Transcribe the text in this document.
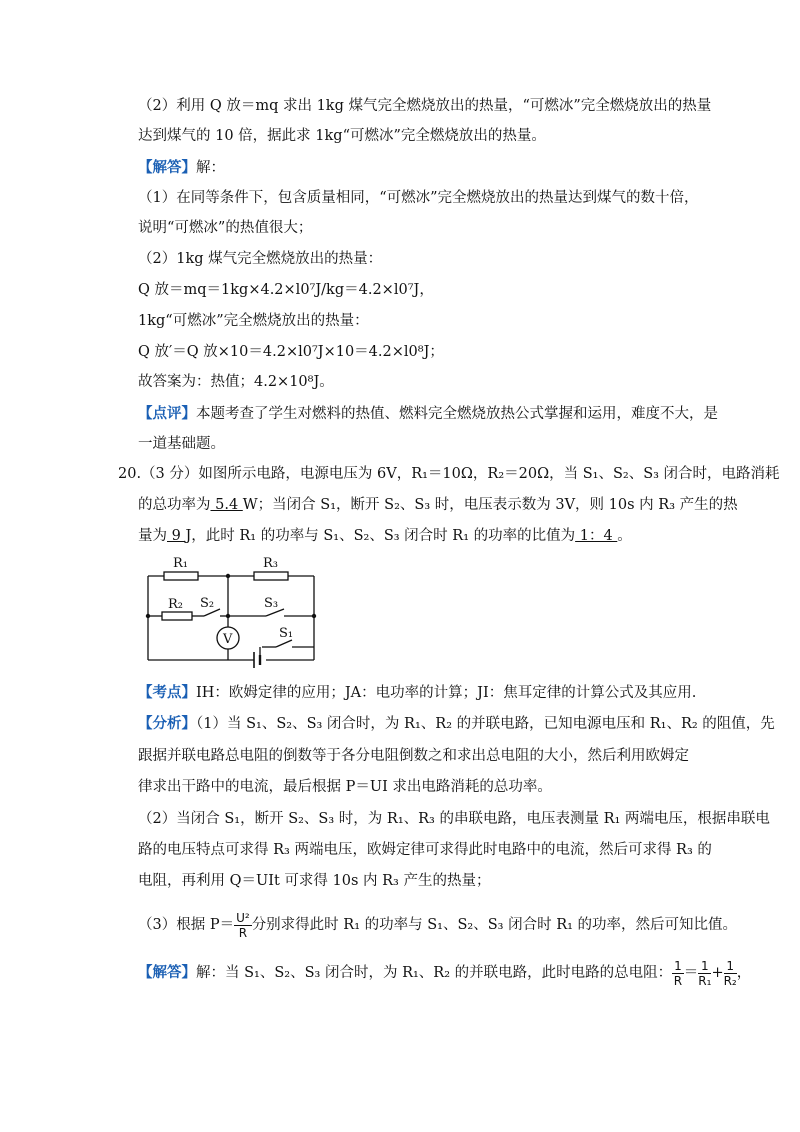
（2）利用 Q 放＝mq 求出 1kg 煤气完全燃烧放出的热量，“可燃冰”完全燃烧放出的热量
达到煤气的 10 倍，据此求 1kg“可燃冰”完全燃烧放出的热量。
【解答】解：
（1）在同等条件下，包含质量相同，“可燃冰”完全燃烧放出的热量达到煤气的数十倍，
说明“可燃冰”的热值很大；
（2）1kg 煤气完全燃烧放出的热量：
Q 放＝mq＝1kg×4.2×l0⁷J/kg＝4.2×l0⁷J，
1kg“可燃冰”完全燃烧放出的热量：
Q 放′＝Q 放×10＝4.2×l0⁷J×10＝4.2×l0⁸J；
故答案为：热值；4.2×10⁸J。
【点评】本题考查了学生对燃料的热值、燃料完全燃烧放热公式掌握和运用，难度不大，是
一道基础题。
20.（3 分）如图所示电路，电源电压为 6V，R₁＝10Ω，R₂＝20Ω，当 S₁、S₂、S₃ 闭合时，电路消耗
的总功率为 5.4 W；当闭合 S₁，断开 S₂、S₃ 时，电压表示数为 3V，则 10s 内 R₃ 产生的热
量为 9 J，此时 R₁ 的功率与 S₁、S₂、S₃ 闭合时 R₁ 的功率的比值为 1：4 。
R₁	R₃
R₂ S₂	S₃
S₁
V
【考点】IH：欧姆定律的应用；JA：电功率的计算；JI：焦耳定律的计算公式及其应用.
【分析】（1）当 S₁、S₂、S₃ 闭合时，为 R₁、R₂ 的并联电路，已知电源电压和 R₁、R₂ 的阻值，先
跟据并联电路总电阻的倒数等于各分电阻倒数之和求出总电阻的大小，然后利用欧姆定
律求出干路中的电流，最后根据 P＝UI 求出电路消耗的总功率。
（2）当闭合 S₁，断开 S₂、S₃ 时，为 R₁、R₃ 的串联电路，电压表测量 R₁ 两端电压，根据串联电
路的电压特点可求得 R₃ 两端电压，欧姆定律可求得此时电路中的电流，然后可求得 R₃ 的
电阻，再利用 Q＝UIt 可求得 10s 内 R₃ 产生的热量；
（3）根据 $P= \frac{\text{U²}}{R}$ 分别求得此时 R₁ 的功率与 S₁、S₂、S₃ 闭合时 R₁ 的功率，然后可知比值。
【解答】解：当 S₁、S₂、S₃ 闭合时，为 R₁、R₂ 的并联电路，此时电路的总电阻： $\frac{1}{R} = \frac{1}{\text{R₁}} + \frac{1}{\text{R₂}}$ ，
